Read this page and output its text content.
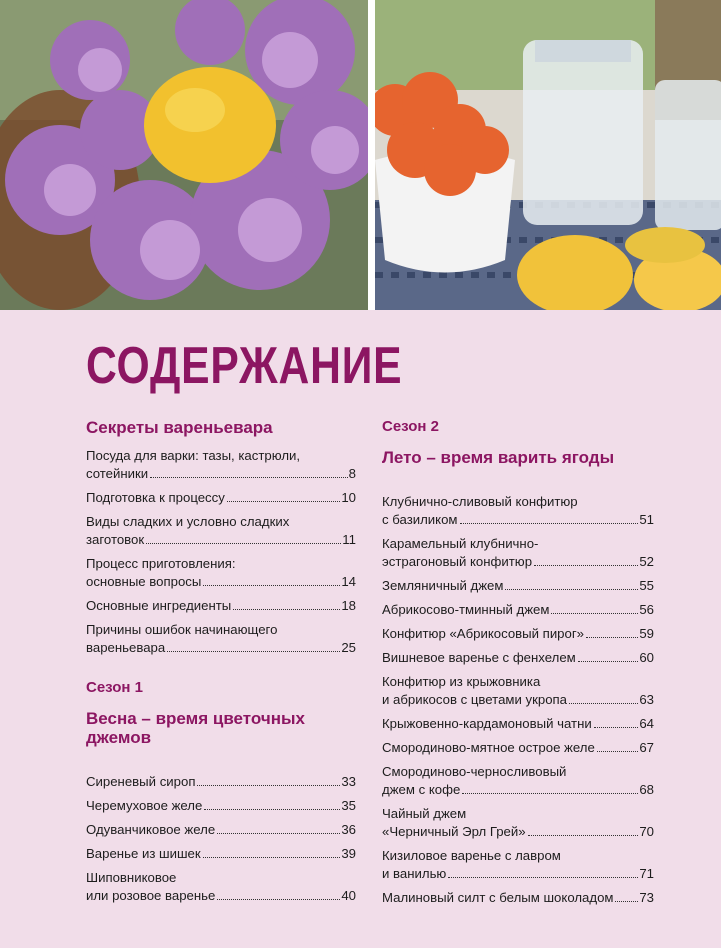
СОДЕРЖАНИЕ
Секреты вареньевара
Посуда для варки: тазы, кастрюли,
сотейники	8
Подготовка к процессу	10
Виды сладких и условно сладких
заготовок	11
Процесс приготовления:
основные вопросы	14
Основные ингредиенты	18
Причины ошибок начинающего
вареньевара	25
Сезон 1
Весна – время цветочных
джемов
Сиреневый сироп	33
Черемуховое желе	35
Одуванчиковое желе	36
Варенье из шишек	39
Шиповниковое
или розовое варенье	40
Сезон 2
Лето – время варить ягоды
Клубнично-сливовый конфитюр
с базиликом	51
Карамельный клубнично-
эстрагоновый конфитюр	52
Земляничный джем	55
Абрикосово-тминный джем	56
Конфитюр «Абрикосовый пирог»	59
Вишневое варенье с фенхелем	60
Конфитюр из крыжовника
и абрикосов с цветами укропа	63
Крыжовенно-кардамоновый чатни	64
Смородиново-мятное острое желе	67
Смородиново-черносливовый
джем с кофе	68
Чайный джем
«Черничный Эрл Грей»	70
Кизиловое варенье с лавром
и ванилью	71
Малиновый силт с белым шоколадом 73
